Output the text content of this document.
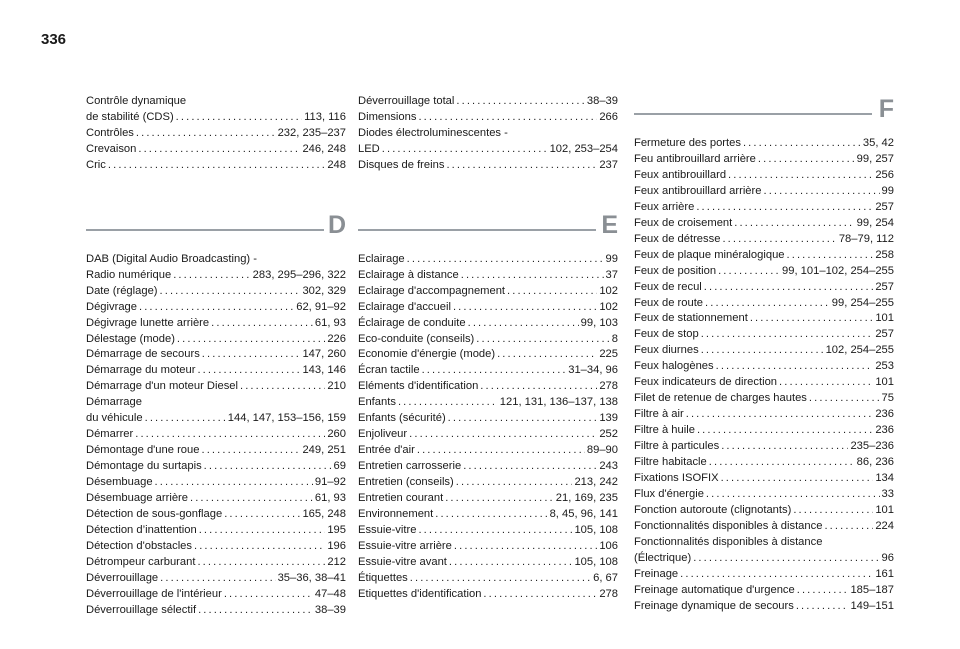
336
Contrôle dynamique
de stabilité (CDS) . . .	113, 116
Contrôles . . .	232, 235–237
Crevaison . . .	246, 248
Cric . . .	248
D
DAB (Digital Audio Broadcasting) -
Radio numérique . . .	283, 295–296, 322
Date (réglage) . . .	302, 329
Dégivrage . . .	62, 91–92
Dégivrage lunette arrière . . .	61, 93
Délestage (mode) . . .	226
Démarrage de secours . . .	147, 260
Démarrage du moteur . . .	143, 146
Démarrage d'un moteur Diesel . . .	210
Démarrage
du véhicule . . .	144, 147, 153–156, 159
Démarrer . . .	260
Démontage d'une roue . . .	249, 251
Démontage du surtapis . . .	69
Désembuage . . .	91–92
Désembuage arrière . . .	61, 93
Détection de sous-gonflage . . .	165, 248
Détection d’inattention . . .	195
Détection d'obstacles . . .	196
Détrompeur carburant . . .	212
Déverrouillage . . .	35–36, 38–41
Déverrouillage de l'intérieur . . .	47–48
Déverrouillage sélectif . . .	38–39
Déverrouillage total . . .	38–39
Dimensions . . .	266
Diodes électroluminescentes -
LED . . .	102, 253–254
Disques de freins . . .	237
E
Eclairage . . .	99
Eclairage à distance . . .	37
Eclairage d'accompagnement . . .	102
Eclairage d'accueil . . .	102
Éclairage de conduite . . .	99, 103
Eco-conduite (conseils) . . .	8
Economie d'énergie (mode) . . .	225
Écran tactile . . .	31–34, 96
Eléments d'identification . . .	278
Enfants . . .	121, 131, 136–137, 138
Enfants (sécurité) . . .	139
Enjoliveur . . .	252
Entrée d'air . . .	89–90
Entretien carrosserie . . .	243
Entretien (conseils) . . .	213, 242
Entretien courant . . .	21, 169, 235
Environnement . . .	8, 45, 96, 141
Essuie-vitre . . .	105, 108
Essuie-vitre arrière . . .	106
Essuie-vitre avant . . .	105, 108
Étiquettes . . .	6, 67
Etiquettes d'identification . . .	278
F
Fermeture des portes . . .	35, 42
Feu antibrouillard arrière . . .	99, 257
Feux antibrouillard . . .	256
Feux antibrouillard arrière . . .	99
Feux arrière . . .	257
Feux de croisement . . .	99, 254
Feux de détresse . . .	78–79, 112
Feux de plaque minéralogique . . .	258
Feux de position . . .	99, 101–102, 254–255
Feux de recul . . .	257
Feux de route . . .	99, 254–255
Feux de stationnement . . .	101
Feux de stop . . .	257
Feux diurnes . . .	102, 254–255
Feux halogènes . . .	253
Feux indicateurs de direction . . .	101
Filet de retenue de charges hautes . . .	75
Filtre à air . . .	236
Filtre à huile . . .	236
Filtre à particules . . .	235–236
Filtre habitacle . . .	86, 236
Fixations ISOFIX . . .	134
Flux d'énergie . . .	33
Fonction autoroute (clignotants) . . .	101
Fonctionnalités disponibles à distance . . .	224
Fonctionnalités disponibles à distance
(Électrique) . . .	96
Freinage . . .	161
Freinage automatique d'urgence . . .	185–187
Freinage dynamique de secours . . .	149–151
